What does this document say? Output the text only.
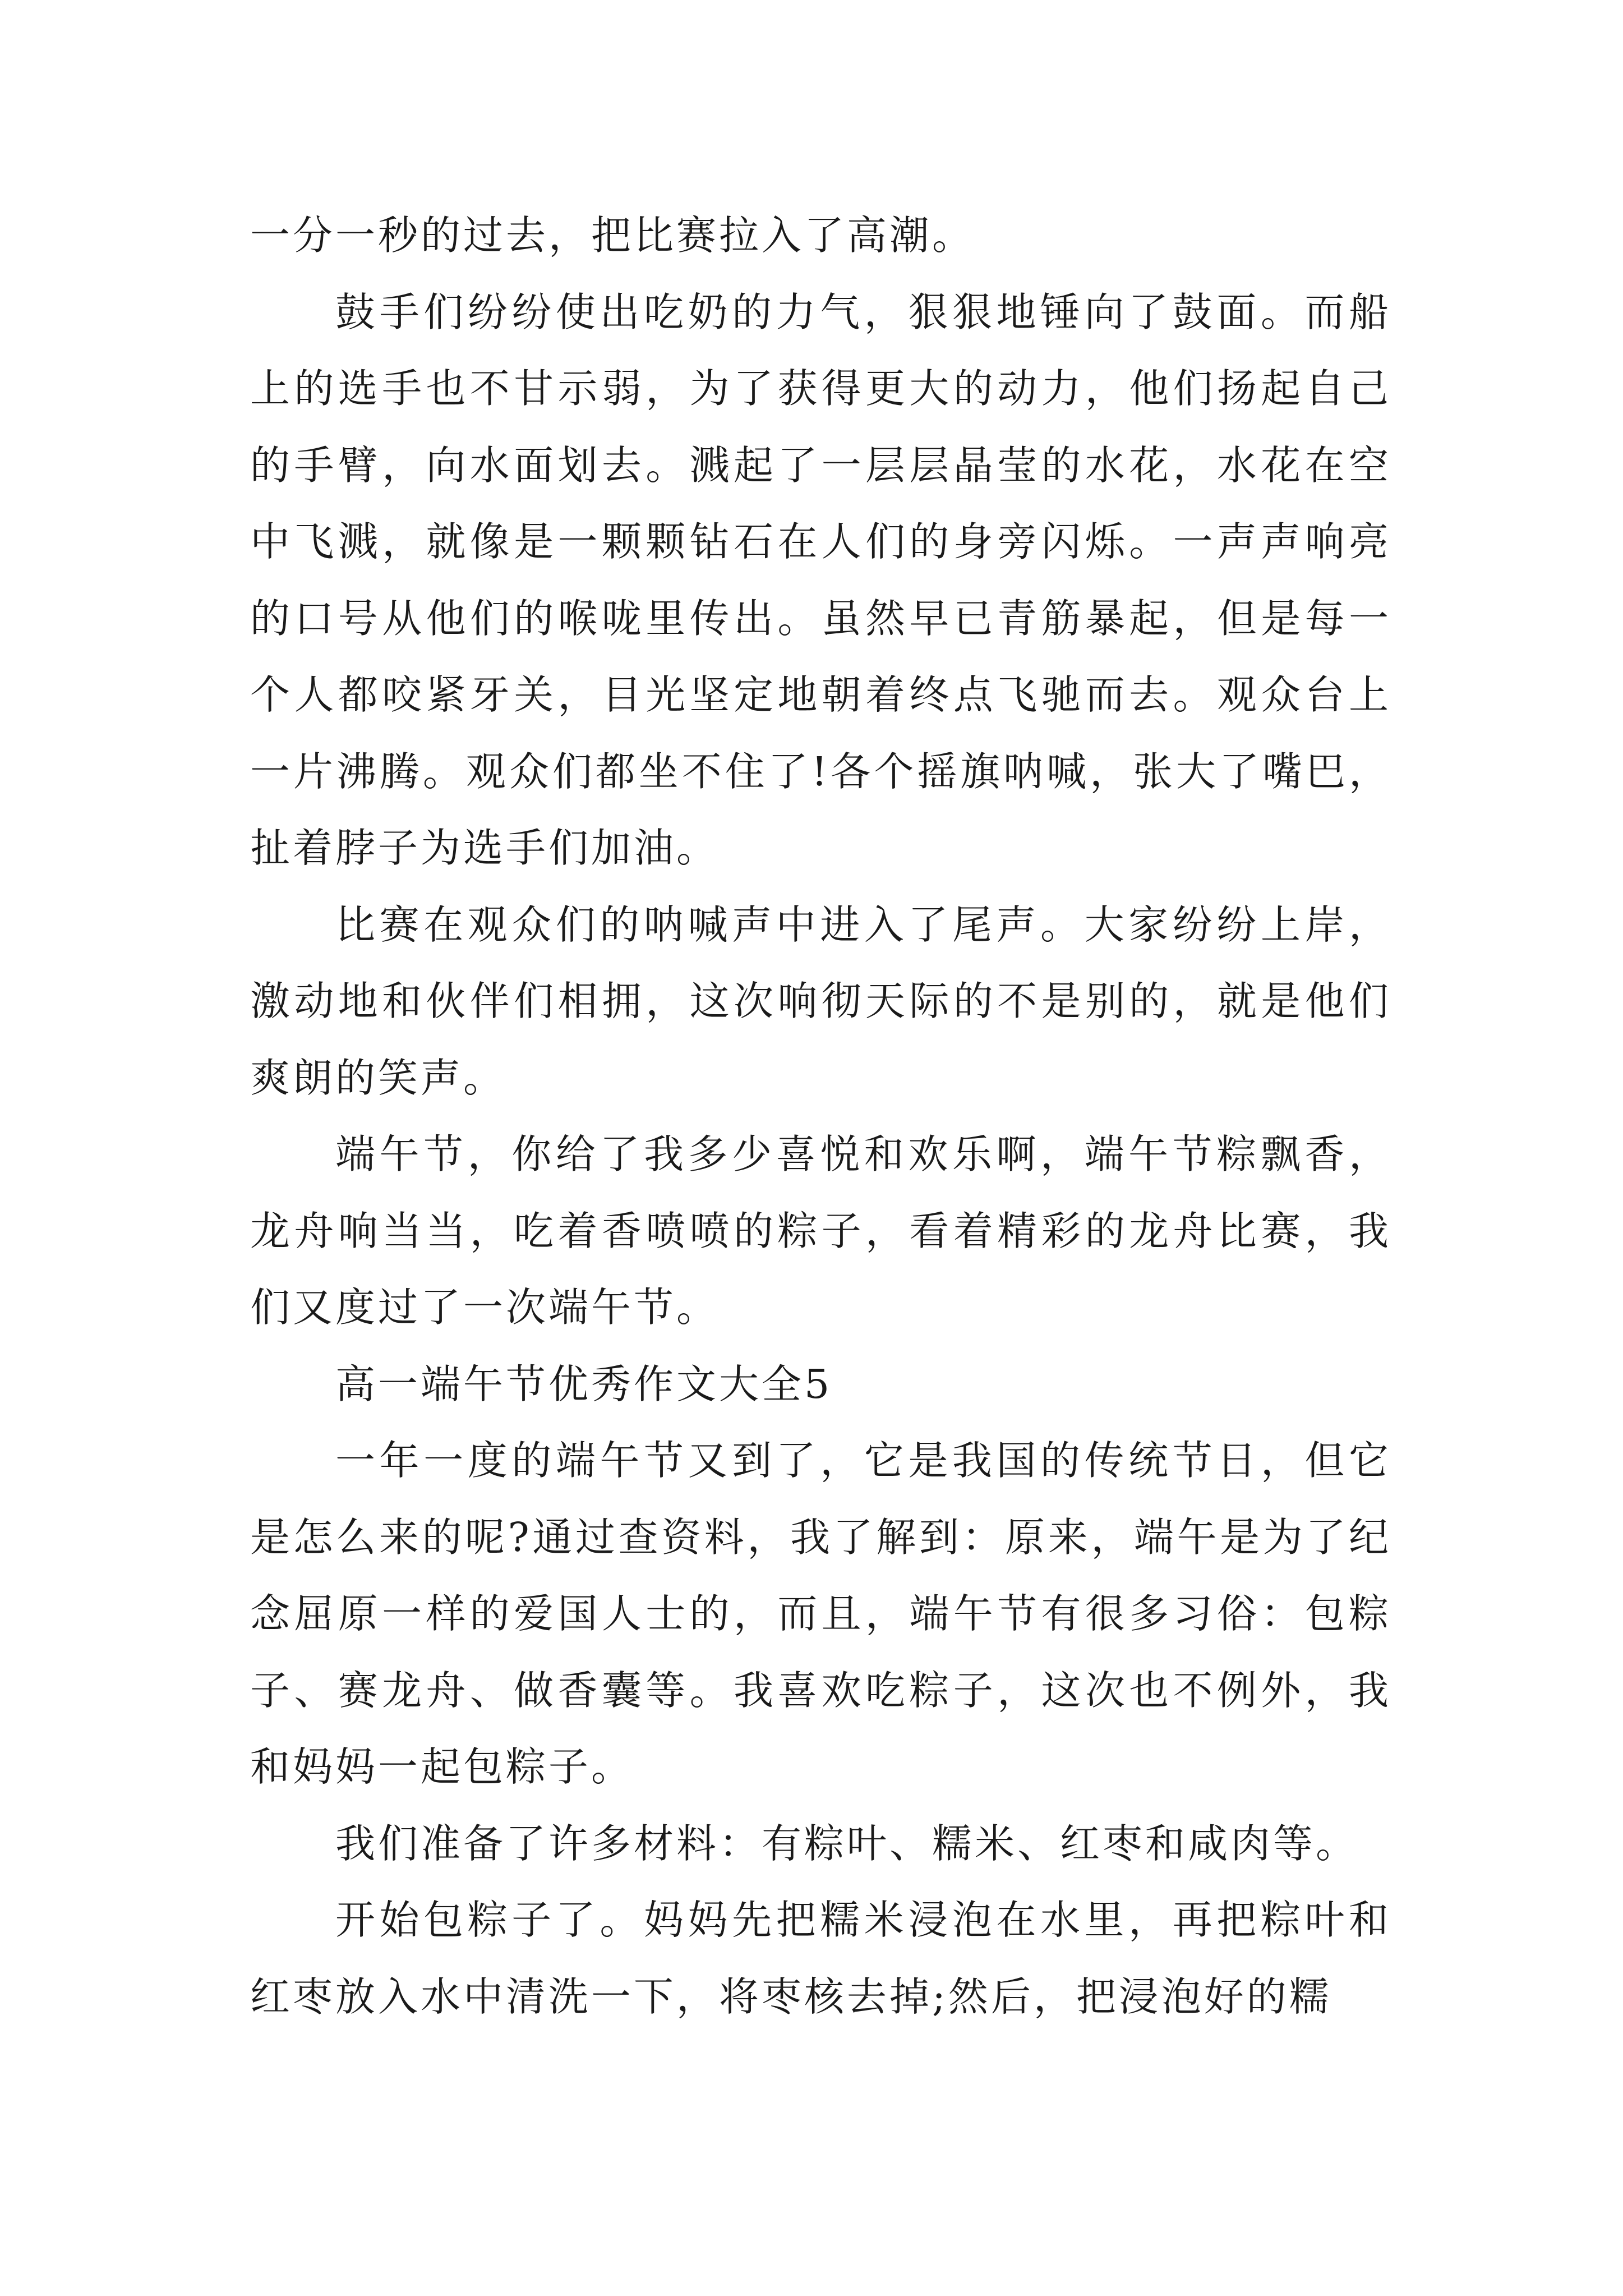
一分一秒的过去，把比赛拉入了高潮。

鼓手们纷纷使出吃奶的力气，狠狠地锤向了鼓面。而船上的选手也不甘示弱，为了获得更大的动力，他们扬起自己的手臂，向水面划去。溅起了一层层晶莹的水花，水花在空中飞溅，就像是一颗颗钻石在人们的身旁闪烁。一声声响亮的口号从他们的喉咙里传出。虽然早已青筋暴起，但是每一个人都咬紧牙关，目光坚定地朝着终点飞驰而去。观众台上一片沸腾。观众们都坐不住了!各个摇旗呐喊，张大了嘴巴，扯着脖子为选手们加油。

比赛在观众们的呐喊声中进入了尾声。大家纷纷上岸，激动地和伙伴们相拥，这次响彻天际的不是别的，就是他们爽朗的笑声。

端午节，你给了我多少喜悦和欢乐啊，端午节粽飘香，龙舟响当当，吃着香喷喷的粽子，看着精彩的龙舟比赛，我们又度过了一次端午节。

高一端午节优秀作文大全5

一年一度的端午节又到了，它是我国的传统节日，但它是怎么来的呢?通过查资料，我了解到：原来，端午是为了纪念屈原一样的爱国人士的，而且，端午节有很多习俗：包粽子、赛龙舟、做香囊等。我喜欢吃粽子，这次也不例外，我和妈妈一起包粽子。

我们准备了许多材料：有粽叶、糯米、红枣和咸肉等。

开始包粽子了。妈妈先把糯米浸泡在水里，再把粽叶和红枣放入水中清洗一下，将枣核去掉;然后，把浸泡好的糯
